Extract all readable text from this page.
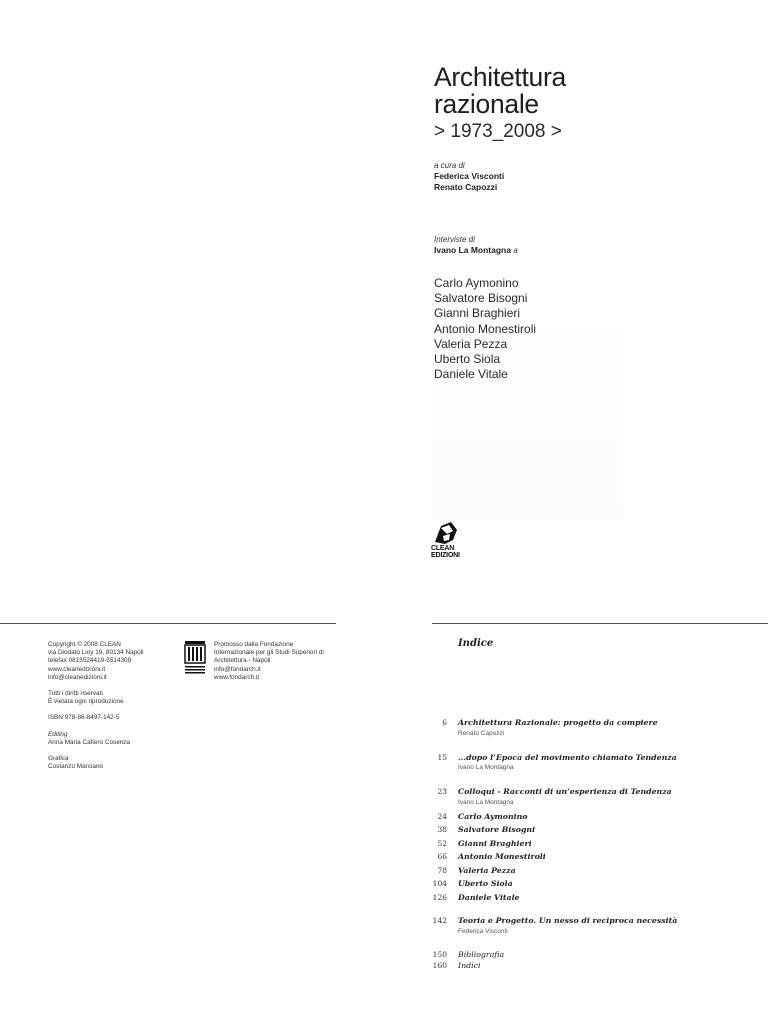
Architettura
razionale
> 1973_2008 >
a cura di
Federica Visconti
Renato Capozzi
Interviste di
Ivano La Montagna a
Carlo Aymonino
Salvatore Bisogni
Gianni Braghieri
Antonio Monestiroli
Valeria Pezza
Uberto Siola
Daniele Vitale
CLEAN
EDIZIONI
Copyright © 2008 CLEAN
via Diodato Lioy 19, 80134 Napoli
telefax 0815524419-5514309
www.cleanedizioni.it
info@cleanedizioni.it
Tutti i diritti riservati
È vietata ogni riproduzione
ISBN 978-88-8497-142-5
Editing
Anna Maria Cafiero Cosenza
Grafica
Costanzo Marciano
Promosso dalla Fondazione
Internazionale per gli Studi Superiori di
Architettura - Napoli
info@fondarch.it
www.fondarch.it
Indice
6 Architettura Razionale: progetto da compiere
Renato Capozzi
15 ...dopo l’Epoca del movimento chiamato Tendenza
Ivano La Montagna
23 Colloqui - Racconti di un’esperienza di Tendenza
Ivano La Montagna
24 Carlo Aymonino
38 Salvatore Bisogni
52 Gianni Braghieri
66 Antonio Monestiroli
78 Valeria Pezza
104 Uberto Siola
126 Daniele Vitale
142 Teoria e Progetto. Un nesso di reciproca necessità
Federica Visconti
150 Bibliografia
160 Indici
